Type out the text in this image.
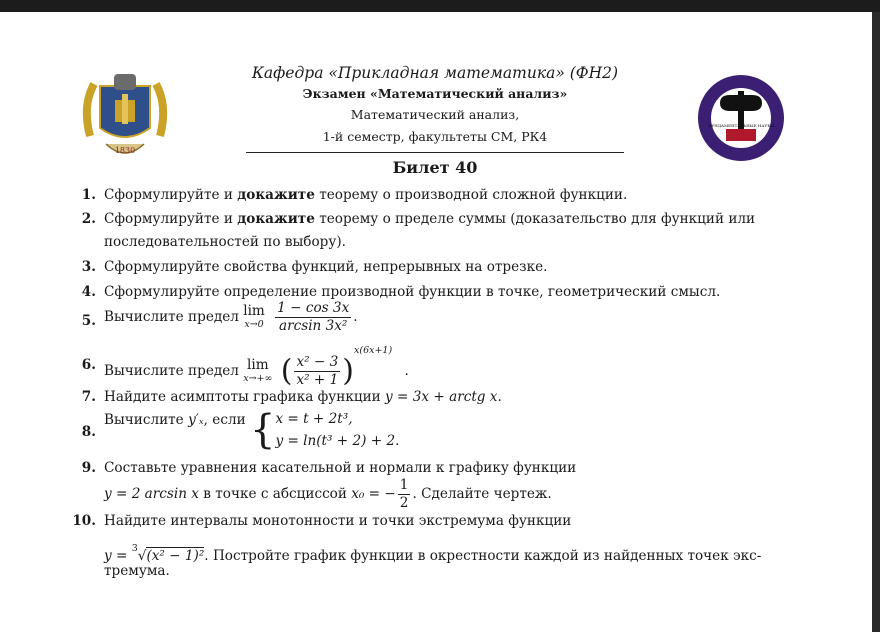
1830
ФУНДАМЕНТАЛЬНЫЕ НАУКИ

Кафедра «Прикладная математика» (ФН2)

Экзамен «Математический анализ»

Математический анализ,

1-й семестр, факультеты СМ, РК4

Билет 40
1. Сформулируйте и докажите теорему о производной сложной функции.
2. Сформулируйте и докажите теорему о пределе суммы (доказательство для функций или
последовательностей по выбору).
3. Сформулируйте свойства функций, непрерывных на отрезке.
4. Сформулируйте определение производной функции в точке, геометрический смысл.
5. Вычислите предел lim
x→0
$\frac{1 - \cos 3x}{\text{arcsin 3x²}}$ .
6. Вычислите предел lim
x→+∞ ( $\frac{\text{x² − 3}}{\text{x² + 1}} )^{x(6x+1)}$ .
7. Найдите асимптоты графика функции y = 3x + arctg x.
8.
Вычислите y′ₓ, если { x = t + 2t³,
y = ln(t³ + 2) + 2.
9. Составьте уравнения касательной и нормали к графику функции
y = 2 arcsin x в точке с абсциссой x₀ = − $\frac{1}{2}$ . Сделайте чертеж.
10. Найдите интервалы монотонности и точки экстремума функции
y = $^3$√(x² − 1)². Постройте график функции в окрестности каждой из найденных точек экс-
тремума.
